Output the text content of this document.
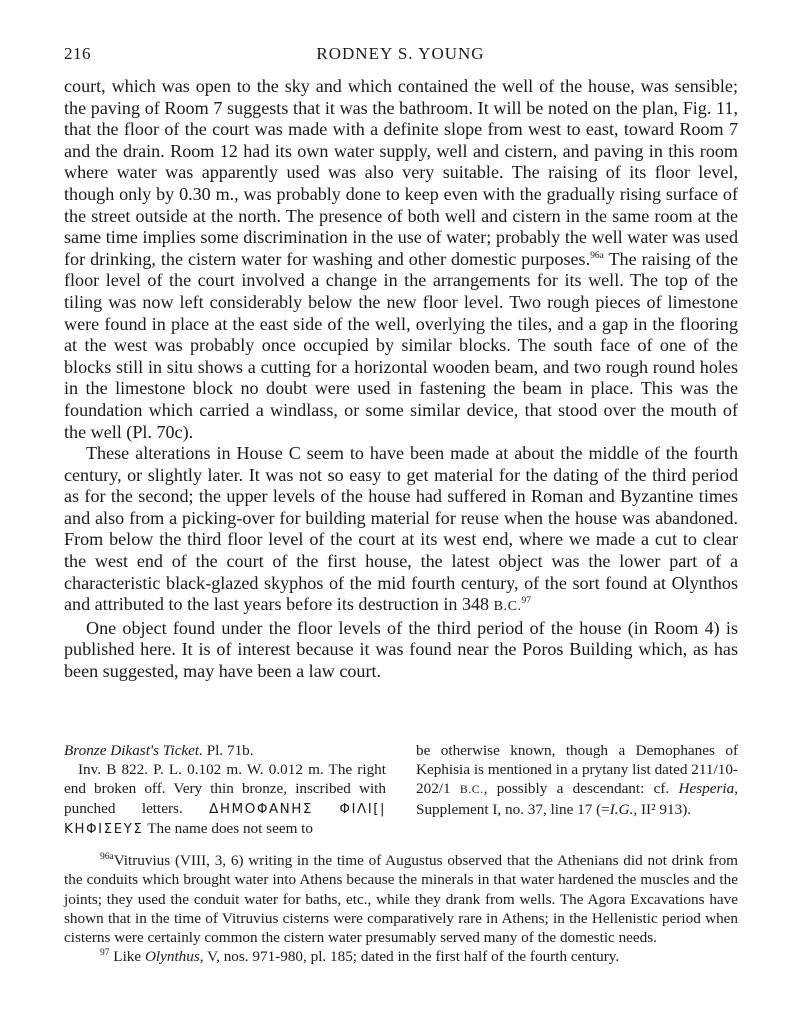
216	RODNEY S. YOUNG

court, which was open to the sky and which contained the well of the house, was sensible; the paving of Room 7 suggests that it was the bathroom. It will be noted on the plan, Fig. 11, that the floor of the court was made with a definite slope from west to east, toward Room 7 and the drain. Room 12 had its own water supply, well and cistern, and paving in this room where water was apparently used was also very suitable. The raising of its floor level, though only by 0.30 m., was probably done to keep even with the gradually rising surface of the street outside at the north. The presence of both well and cistern in the same room at the same time implies some discrimination in the use of water; probably the well water was used for drinking, the cistern water for washing and other domestic purposes.$^{96a}$ The raising of the floor level of the court involved a change in the arrangements for its well. The top of the tiling was now left considerably below the new floor level. Two rough pieces of limestone were found in place at the east side of the well, overlying the tiles, and a gap in the flooring at the west was probably once occupied by similar blocks. The south face of one of the blocks still in situ shows a cutting for a horizontal wooden beam, and two rough round holes in the limestone block no doubt were used in fastening the beam in place. This was the foundation which carried a windlass, or some similar device, that stood over the mouth of the well (Pl. 70c).

These alterations in House C seem to have been made at about the middle of the fourth century, or slightly later. It was not so easy to get material for the dating of the third period as for the second; the upper levels of the house had suffered in Roman and Byzantine times and also from a picking-over for building material for reuse when the house was abandoned. From below the third floor level of the court at its west end, where we made a cut to clear the west end of the court of the first house, the latest object was the lower part of a characteristic black-glazed skyphos of the mid fourth century, of the sort found at Olynthos and attributed to the last years before its destruction in 348 B.C.$^{97}$

One object found under the floor levels of the third period of the house (in Room 4) is published here. It is of interest because it was found near the Poros Building which, as has been suggested, may have been a law court.

Bronze Dikast's Ticket. Pl. 71b.

Inv. B 822. P. L. 0.102 m. W. 0.012 m. The right end broken off. Very thin bronze, inscribed with punched letters. ΔΗΜΟΦΑΝΗΣ ΦΙΛΙ[|ΚΗΦΙΣΕΥΣ The name does not seem to

be otherwise known, though a Demophanes of Kephisia is mentioned in a prytany list dated 211/10-202/1 B.C., possibly a descendant: cf. Hesperia, Supplement I, no. 37, line 17 (=I.G., II² 913).

$^{96a}$Vitruvius (VIII, 3, 6) writing in the time of Augustus observed that the Athenians did not drink from the conduits which brought water into Athens because the minerals in that water hardened the muscles and the joints; they used the conduit water for baths, etc., while they drank from wells. The Agora Excavations have shown that in the time of Vitruvius cisterns were comparatively rare in Athens; in the Hellenistic period when cisterns were certainly common the cistern water presumably served many of the domestic needs.

$^{97}$ Like Olynthus, V, nos. 971-980, pl. 185; dated in the first half of the fourth century.
